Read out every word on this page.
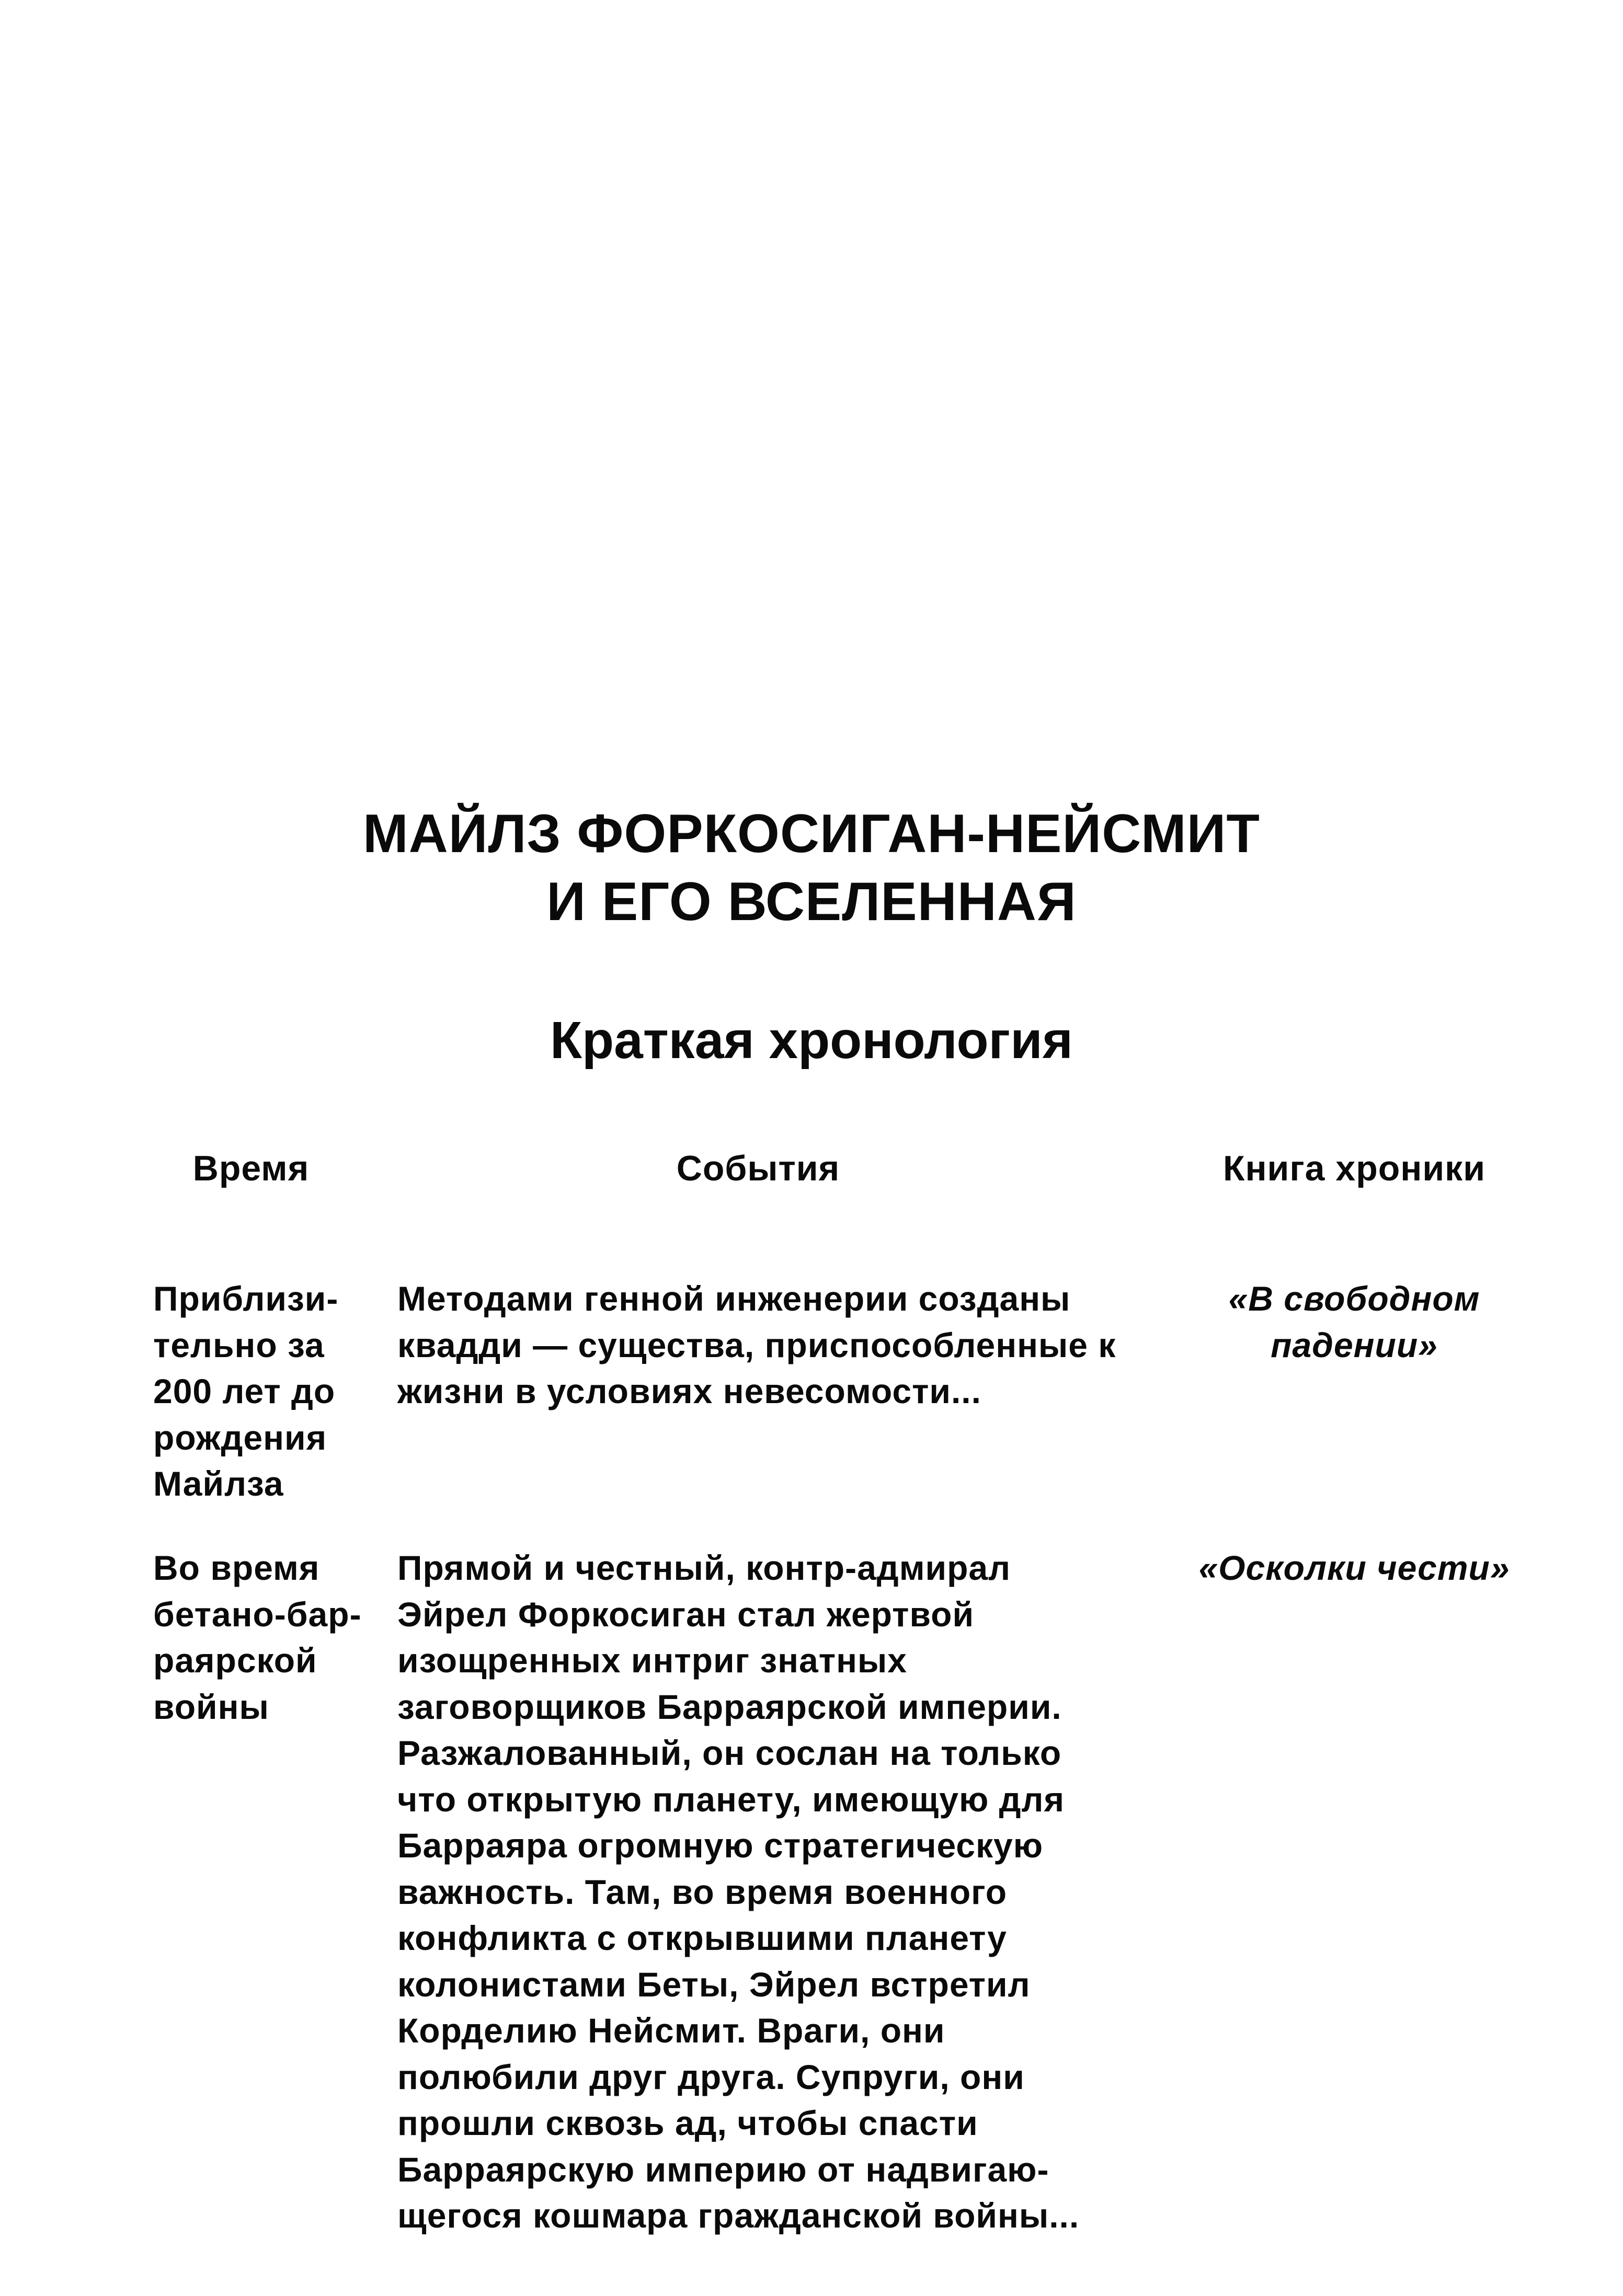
МАЙЛЗ ФОРКОСИГАН-НЕЙСМИТ
И ЕГО ВСЕЛЕННАЯ
Краткая хронология
Время	События	Книга хроники
Приблизи-
тельно за
200 лет до
рождения
Майлза
Методами генной инженерии созданы
квадди — существа, приспособленные к
жизни в условиях невесомости...
«В свободном
падении»
Во время
бетано-бар-
раярской
войны
Прямой и честный, контр-адмирал
Эйрел Форкосиган стал жертвой
изощренных интриг знатных
заговорщиков Барраярской империи.
Разжалованный, он сослан на только
что открытую планету, имеющую для
Барраяра огромную стратегическую
важность. Там, во время военного
конфликта с открывшими планету
колонистами Беты, Эйрел встретил
Корделию Нейсмит. Враги, они
полюбили друг друга. Супруги, они
прошли сквозь ад, чтобы спасти
Барраярскую империю от надвигаю-
щегося кошмара гражданской войны...
«Осколки чести»
